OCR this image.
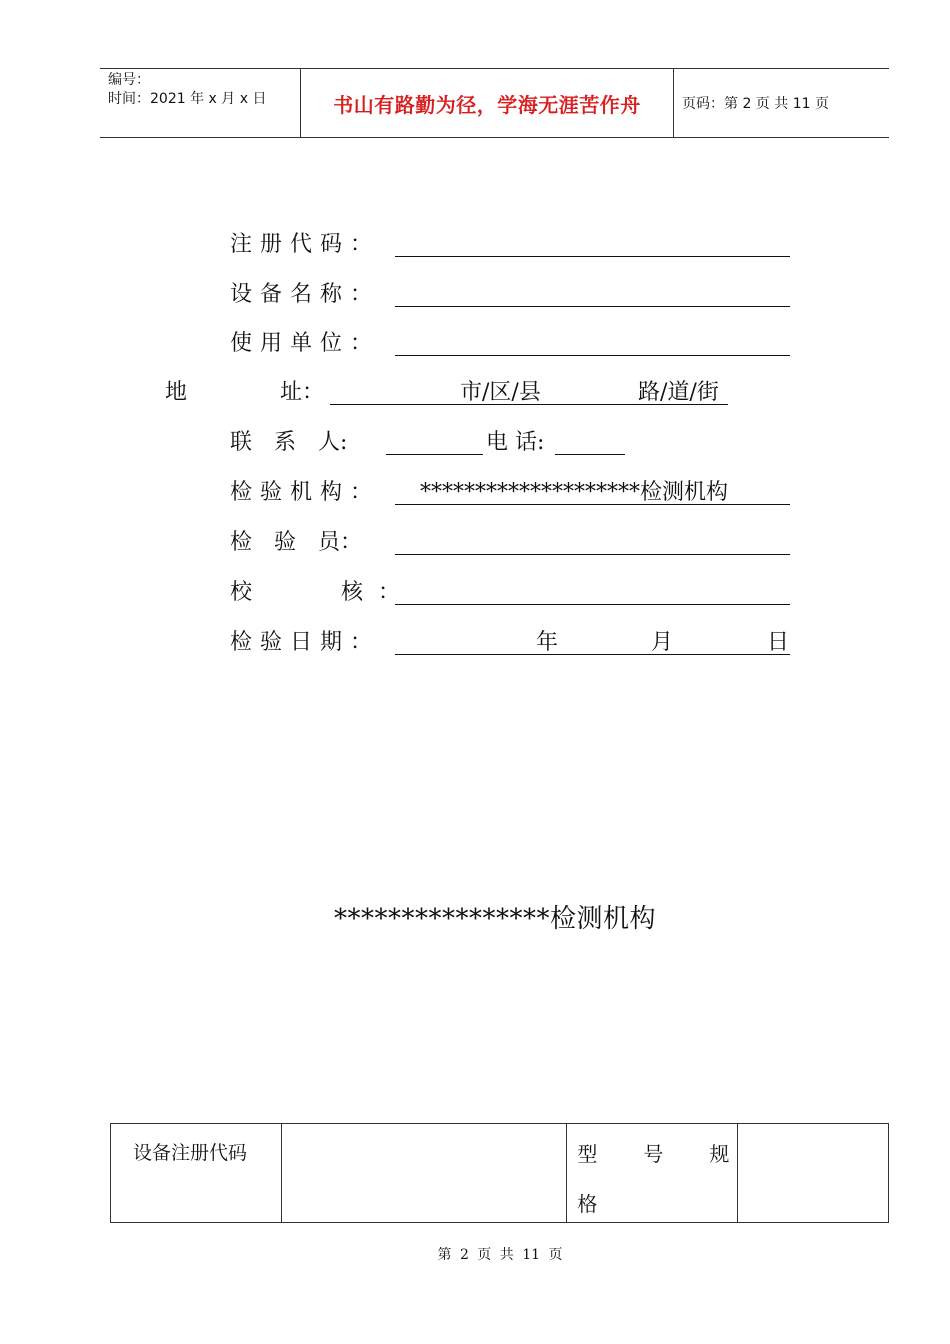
编号：
时间：2021 年 x 月 x 日	书山有路勤为径，学海无涯苦作舟	页码：第 2 页 共 11 页
注册代码：
设备名称：
使用单位：
地	址：	市/区/县	路/道/街
联　系　人:	电 话:
检验机构： ********************检测机构
检　验　员：
校　　核：
检验日期：	年	月	日
****************检测机构
设备注册代码		型 号 规
格

第 2 页 共 11 页
